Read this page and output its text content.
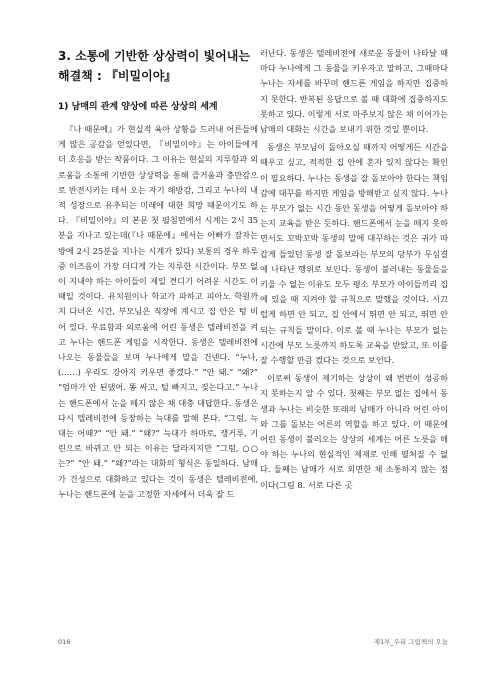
3. 소통에 기반한 상상력이 빛어내는 해결책 : 『비밀이야』
1) 남매의 관계 양상에 따른 상상의 세계

『나 때문에』가 현실적 육아 상황을 드러내 어른들에게 많은 공감을 얻었다면, 『비밀이야』는 아이들에게 더 호응을 받는 작품이다. 그 이유는 현실의 지루함과 외로움을 소통에 기반한 상상력을 통해 즐거움과 충만감으로 반전시키는 데서 오는 자기 해방감, 그리고 누나의 내적 성장으로 유추되는 미래에 대한 희망 때문이기도 하다. 『비밀이야』의 본문 첫 펼침면에서 시계는 2시 35분을 지나고 있는데(『나 때문에』에서는 아빠가 잠자는 방에 2시 25분을 지나는 시계가 있다) 보통의 경우 하루 중 이즈음이 가장 더디게 가는 지루한 시간이다. 부모 없이 지내야 하는 아이들이 제일 견디기 어려운 시간도 이때일 것이다. 유치원이나 학교가 파하고 피아노 학원까지 다녀온 시간, 부모님은 직장에 계시고 집 안은 텅 비어 있다. 무료함과 외로움에 어린 동생은 텔레비전을 켜고 누나는 핸드폰 게임을 시작한다. 동생은 텔레비전에 나오는 동물들을 보며 누나에게 말을 건넨다. “누나, (……) 우리도 강아지 키우면 좋겠다.” “안 돼.” “왜?” “엄마가 안 된댔어. 똥 싸고, 털 빠지고, 짖는다고.” 누나는 핸드폰에서 눈을 떼지 않은 채 대충 대답한다. 동생은 다시 텔레비전에 등장하는 늑대를 말해 본다. “그럼, 늑대는 어때?” “안 돼.” “왜?” 늑대가 하마로, 캥거루, 기린으로 바뀌고 안 되는 이유는 달라지지만 “그럼, ○○는?” “안 돼.” “왜?”라는 대화의 형식은 동일하다. 남매가 건성으로 대화하고 있다는 것이 동생은 텔레비전에, 누나는 핸드폰에 눈을 고정한 자세에서 더욱 잘 드

러난다. 동생은 텔레비전에 새로운 동물이 나타날 때마다 누나에게 그 동물을 키우자고 말하고, 그때마다 누나는 자세를 바꾸며 핸드폰 게임을 하지만 집중하지 못한다. 반복된 응답으로 볼 때 대화에 집중하지도 못하고 있다. 이렇게 서로 마주보지 않은 채 이어가는 남매의 대화는 시간을 보내기 위한 것일 뿐이다.

동생은 부모님이 돌아오실 때까지 어떻게든 시간을 때우고 싶고, 적적한 집 안에 혼자 있지 않다는 확인이 필요하다. 누나는 동생을 잘 돌보아야 한다는 책임감에 대꾸를 하지만 게임을 방해받고 싶지 않다. 누나는 부모가 없는 시간 동안 동생을 어떻게 돌보아야 하는지 교육을 받은 듯하다. 핸드폰에서 눈을 떼지 못하면서도 꼬박꼬박 동생의 말에 대꾸하는 것은 귀가 따갑게 들었던 동생 잘 돌보라는 부모의 당부가 무심결에 나타난 행위로 보인다. 동생이 불러내는 동물들을 키울 수 없는 이유도 모두 평소 부모가 아이들끼리 집에 있을 때 지켜야 할 규칙으로 말했을 것이다. 시끄럽게 하면 안 되고, 집 안에서 뛰면 안 되고, 뛰면 안 되는 규칙들 말이다. 이로 볼 때 누나는 부모가 없는 시간에 부모 노릇까지 하도록 교육을 받았고, 또 이를 잘 수행할 만큼 컸다는 것으로 보인다.

이로써 동생이 제기하는 상상이 왜 번번이 성공하지 못하는지 알 수 있다. 첫째는 부모 없는 집에서 동생과 누나는 비슷한 또래의 남매가 아니라 어린 아이와 그를 돌보는 어른의 역할을 하고 있다. 이 때문에 어린 동생이 불러오는 상상의 세계는 어른 노릇을 해야 하는 누나의 현실적인 제재로 인해 펼쳐질 수 없다. 둘째는 남매가 서로 외면한 채 소통하지 않는 점이다(그림 8. 서로 다른 곳

016	제1부_우리 그림책의 오늘
